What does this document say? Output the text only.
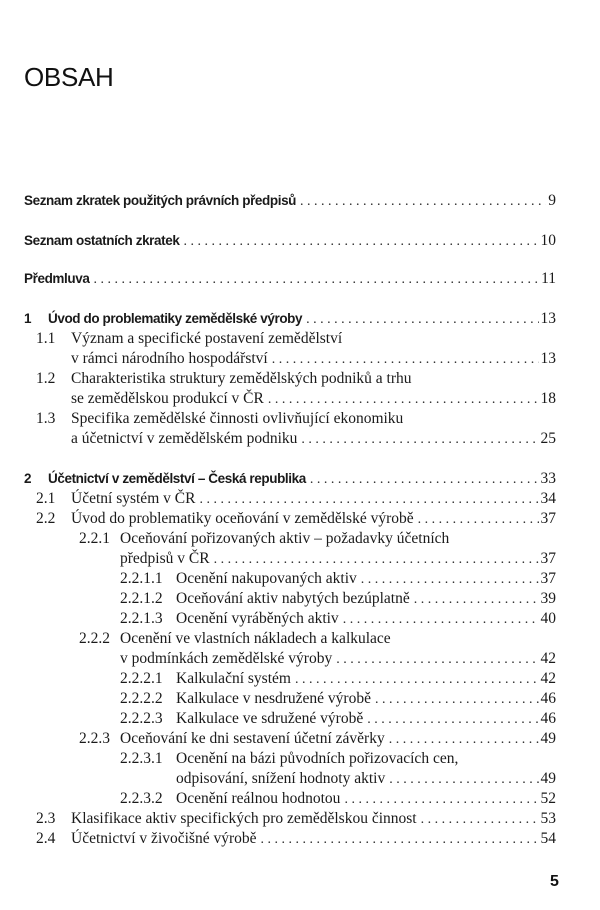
OBSAH
Seznam zkratek použitých právních předpisů . . .	9
Seznam ostatních zkratek . . .	10
Předmluva . . .	11
1	Úvod do problematiky zemědělské výroby . . .	13
1.1 Význam a specifické postavení zemědělství
v rámci národního hospodářství . . .	13
1.2 Charakteristika struktury zemědělských podniků a trhu
se zemědělskou produkcí v ČR . . .	18
1.3 Specifika zemědělské činnosti ovlivňující ekonomiku
a účetnictví v zemědělském podniku . . .	25
2	Účetnictví v zemědělství – Česká republika . . .	33
2.1	Účetní systém v ČR . . .	34
2.2	Úvod do problematiky oceňování v zemědělské výrobě . . .	37
2.2.1 Oceňování pořizovaných aktiv – požadavky účetních
předpisů v ČR . . .	37
2.2.1.1 Ocenění nakupovaných aktiv . . .	37
2.2.1.2 Oceňování aktiv nabytých bezúplatně . . .	39
2.2.1.3 Ocenění vyráběných aktiv . . .	40
2.2.2 Ocenění ve vlastních nákladech a kalkulace
v podmínkách zemědělské výroby . . .	42
2.2.2.1 Kalkulační systém . . .	42
2.2.2.2 Kalkulace v nesdružené výrobě . . .	46
2.2.2.3 Kalkulace ve sdružené výrobě . . .	46
2.2.3 Oceňování ke dni sestavení účetní závěrky . . .	49
2.2.3.1 Ocenění na bázi původních pořizovacích cen,
odpisování, snížení hodnoty aktiv . . .	49
2.2.3.2 Ocenění reálnou hodnotou . . .	52
2.3	Klasifikace aktiv specifických pro zemědělskou činnost . . .	53
2.4	Účetnictví v živočišné výrobě . . .	54
5
